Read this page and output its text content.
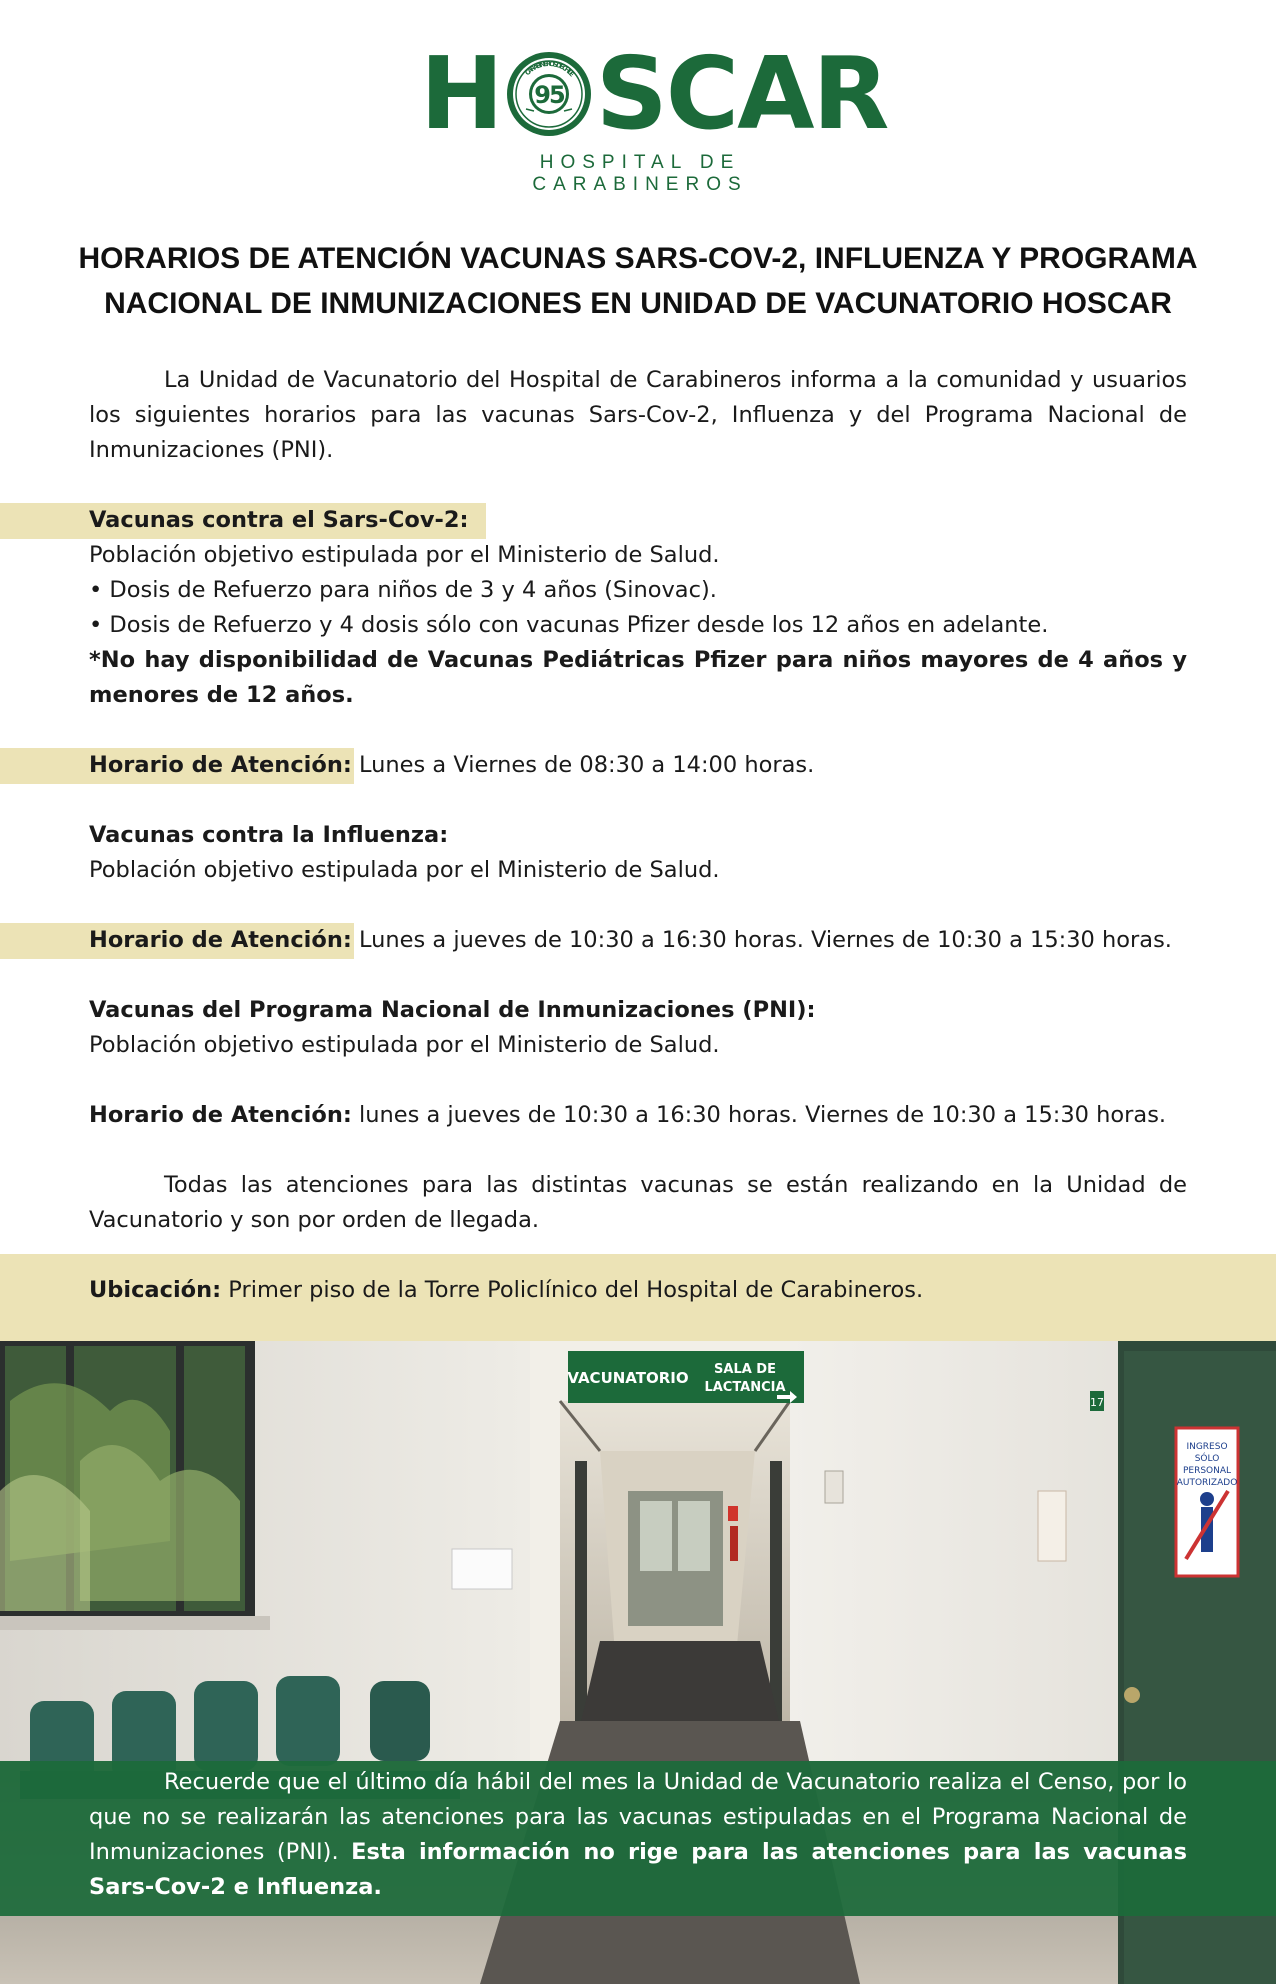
H 95
CARABINEROS DE CHILE SCAR
HOSPITAL DE CARABINEROS
HORARIOS DE ATENCIÓN VACUNAS SARS-COV-2, INFLUENZA Y PROGRAMA
NACIONAL DE INMUNIZACIONES EN UNIDAD DE VACUNATORIO HOSCAR

La Unidad de Vacunatorio del Hospital de Carabineros informa a la comunidad y usuarios los siguientes horarios para las vacunas Sars-Cov-2, Influenza y del Programa Nacional de Inmunizaciones (PNI).

Vacunas contra el Sars-Cov-2:
Población objetivo estipulada por el Ministerio de Salud.
• Dosis de Refuerzo para niños de 3 y 4 años (Sinovac).
• Dosis de Refuerzo y 4 dosis sólo con vacunas Pfizer desde los 12 años en adelante.

*No hay disponibilidad de Vacunas Pediátricas Pfizer para niños mayores de 4 años y menores de 12 años.

Horario de Atención: Lunes a Viernes de 08:30 a 14:00 horas.
Vacunas contra la Influenza:
Población objetivo estipulada por el Ministerio de Salud.
Horario de Atención: Lunes a jueves de 10:30 a 16:30 horas. Viernes de 10:30 a 15:30 horas.
Vacunas del Programa Nacional de Inmunizaciones (PNI):
Población objetivo estipulada por el Ministerio de Salud.
Horario de Atención: lunes a jueves de 10:30 a 16:30 horas. Viernes de 10:30 a 15:30 horas.

Todas las atenciones para las distintas vacunas se están realizando en la Unidad de Vacunatorio y son por orden de llegada.

Ubicación: Primer piso de la Torre Policlínico del Hospital de Carabineros.
VACUNATORIO SALA DE
LACTANCIA
17
INGRESO
SÓLO
PERSONAL
AUTORIZADO

Recuerde que el último día hábil del mes la Unidad de Vacunatorio realiza el Censo, por lo que no se realizarán las atenciones para las vacunas estipuladas en el Programa Nacional de Inmunizaciones (PNI). Esta información no rige para las atenciones para las vacunas Sars-Cov-2 e Influenza.
